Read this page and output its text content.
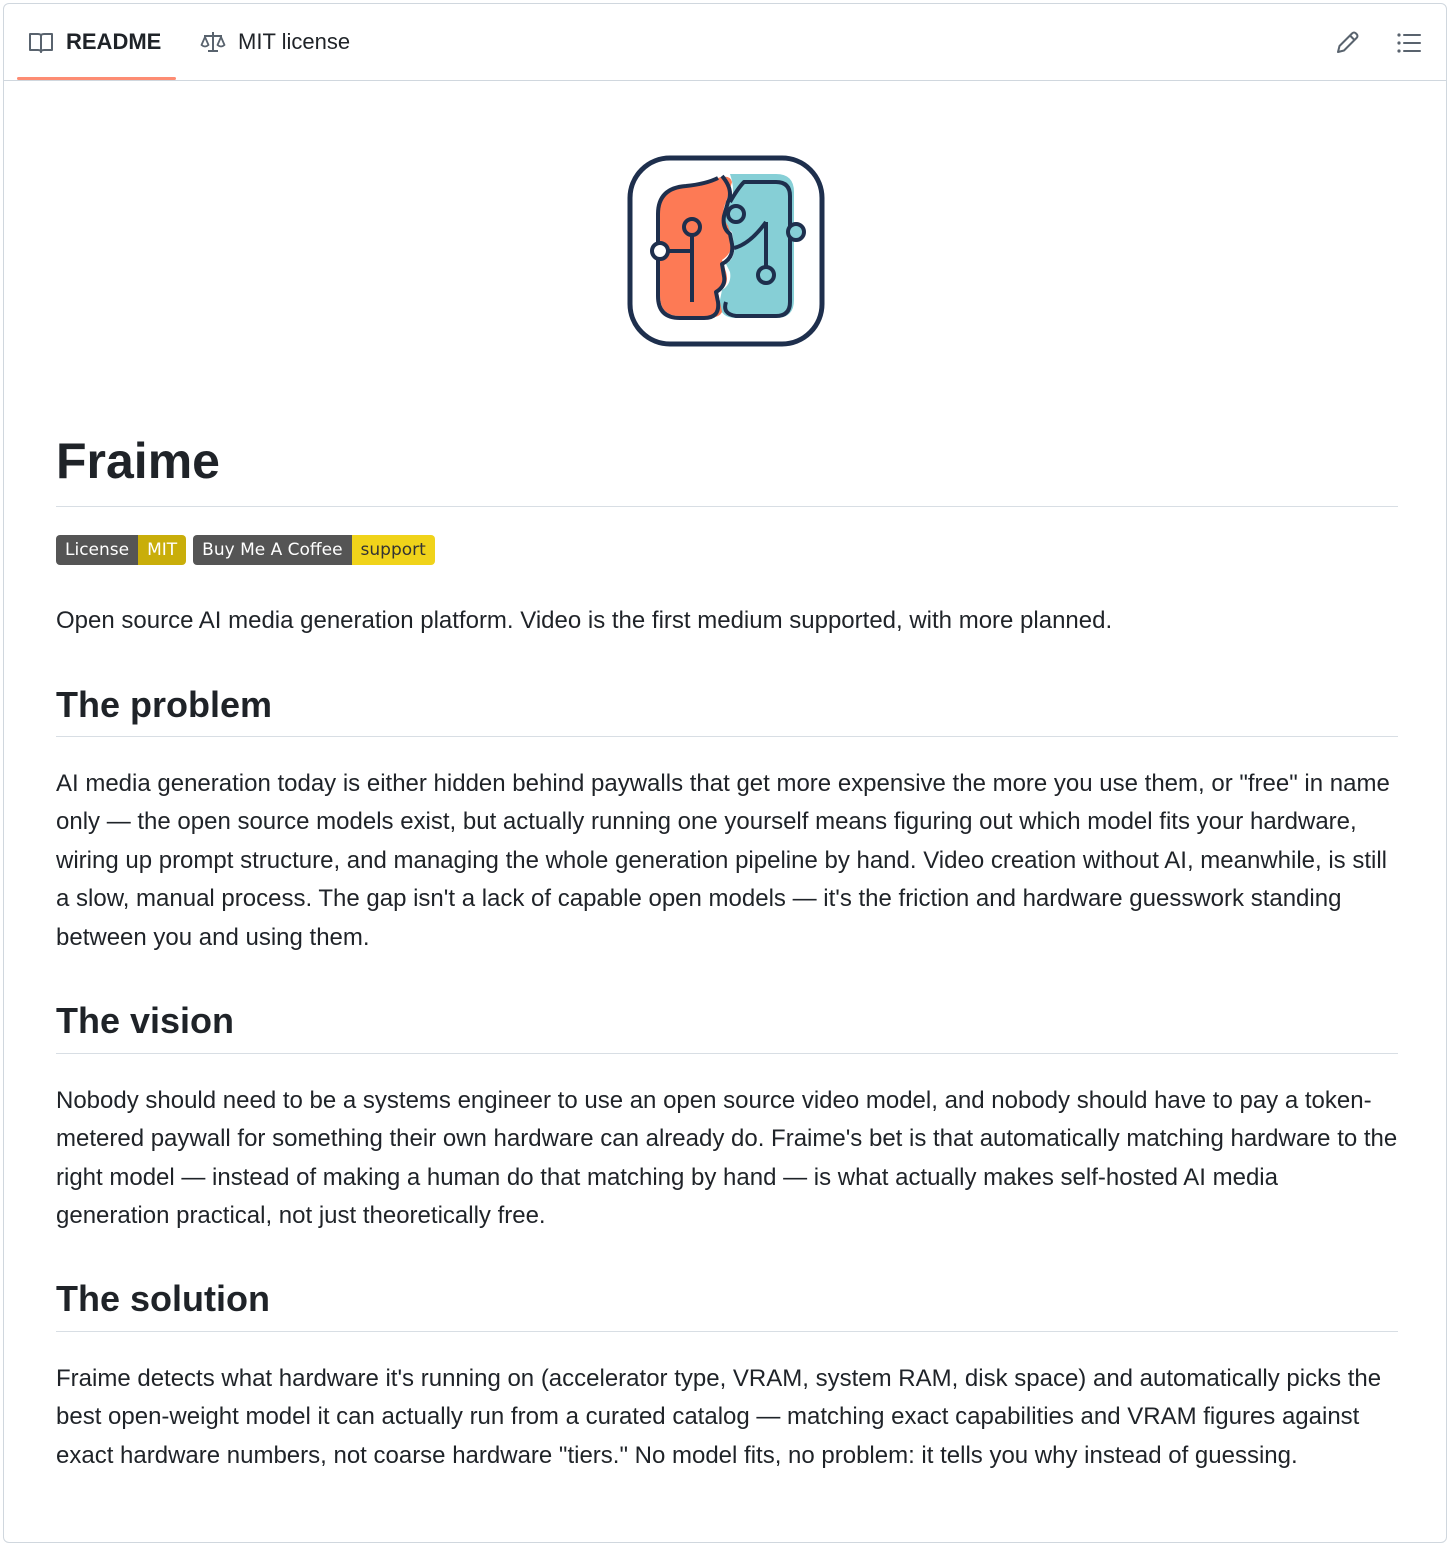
README	MIT license
Fraime
License	MIT	Buy Me A Coffee	support

Open source AI media generation platform. Video is the first medium supported, with more planned.

The problem

AI media generation today is either hidden behind paywalls that get more expensive the more you use them, or "free" in name only — the open source models exist, but actually running one yourself means figuring out which model fits your hardware, wiring up prompt structure, and managing the whole generation pipeline by hand. Video creation without AI, meanwhile, is still a slow, manual process. The gap isn't a lack of capable open models — it's the friction and hardware guesswork standing between you and using them.

The vision

Nobody should need to be a systems engineer to use an open source video model, and nobody should have to pay a token-metered paywall for something their own hardware can already do. Fraime's bet is that automatically matching hardware to the right model — instead of making a human do that matching by hand — is what actually makes self-hosted AI media generation practical, not just theoretically free.

The solution

Fraime detects what hardware it's running on (accelerator type, VRAM, system RAM, disk space) and automatically picks the best open-weight model it can actually run from a curated catalog — matching exact capabilities and VRAM figures against exact hardware numbers, not coarse hardware "tiers." No model fits, no problem: it tells you why instead of guessing.
